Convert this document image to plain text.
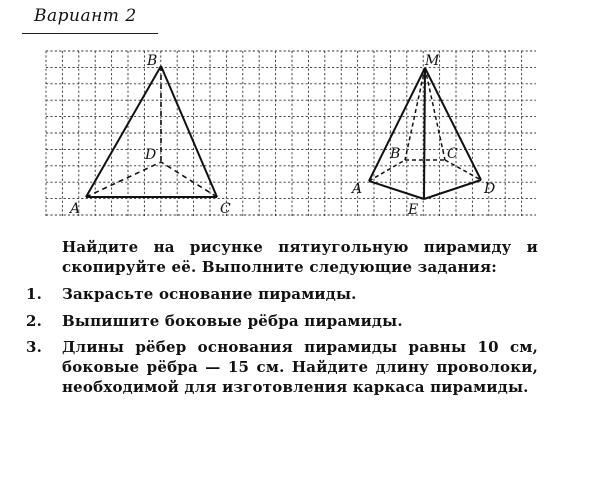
Вариант 2
B
D
A	C
M
B	C
A	D
E
Найдите на рисунке пятиугольную пирамиду и скопируйте её. Выполните следующие задания:
1. Закрасьте основание пирамиды.
2. Выпишите боковые рёбра пирамиды.
3. Длины рёбер основания пирамиды равны 10 см,
боковые рёбра — 15 см. Найдите длину проволоки,
необходимой для изготовления каркаса пирамиды.
